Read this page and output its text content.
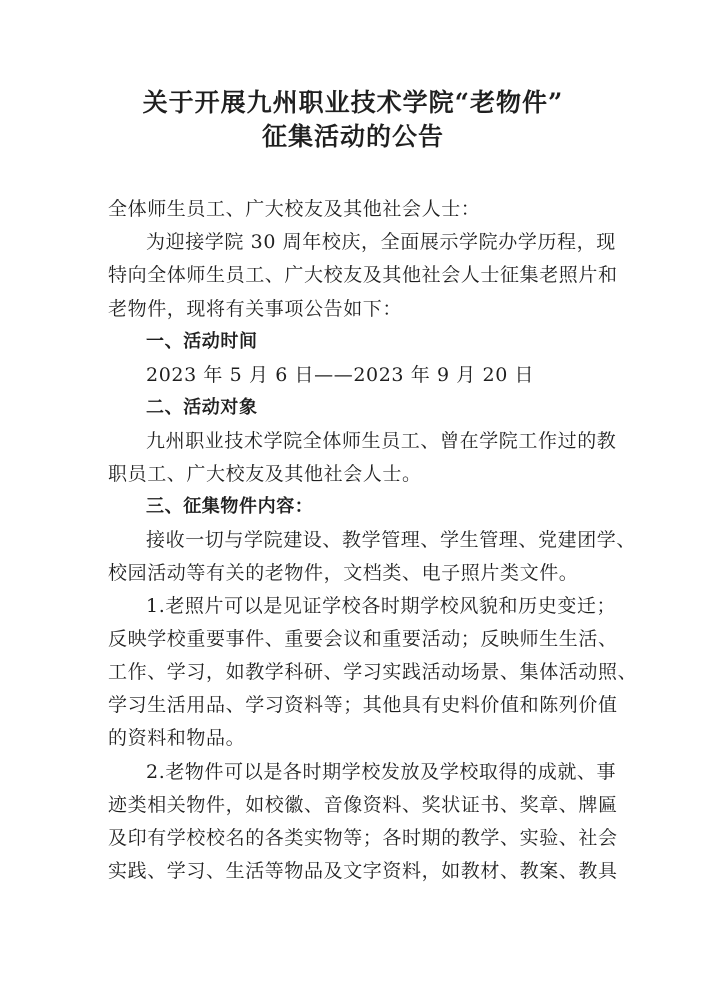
关于开展九州职业技术学院“老物件”
征集活动的公告
全体师生员工、广大校友及其他社会人士：
为迎接学院 30 周年校庆，全面展示学院办学历程，现
特向全体师生员工、广大校友及其他社会人士征集老照片和
老物件，现将有关事项公告如下：
一、活动时间
2023 年 5 月 6 日——2023 年 9 月 20 日
二、活动对象
九州职业技术学院全体师生员工、曾在学院工作过的教
职员工、广大校友及其他社会人士。
三、征集物件内容：
接收一切与学院建设、教学管理、学生管理、党建团学、
校园活动等有关的老物件，文档类、电子照片类文件。
1.老照片可以是见证学校各时期学校风貌和历史变迁；
反映学校重要事件、重要会议和重要活动；反映师生生活、
工作、学习，如教学科研、学习实践活动场景、集体活动照、
学习生活用品、学习资料等；其他具有史料价值和陈列价值
的资料和物品。
2.老物件可以是各时期学校发放及学校取得的成就、事
迹类相关物件，如校徽、音像资料、奖状证书、奖章、牌匾
及印有学校校名的各类实物等；各时期的教学、实验、社会
实践、学习、生活等物品及文字资料，如教材、教案、教具
